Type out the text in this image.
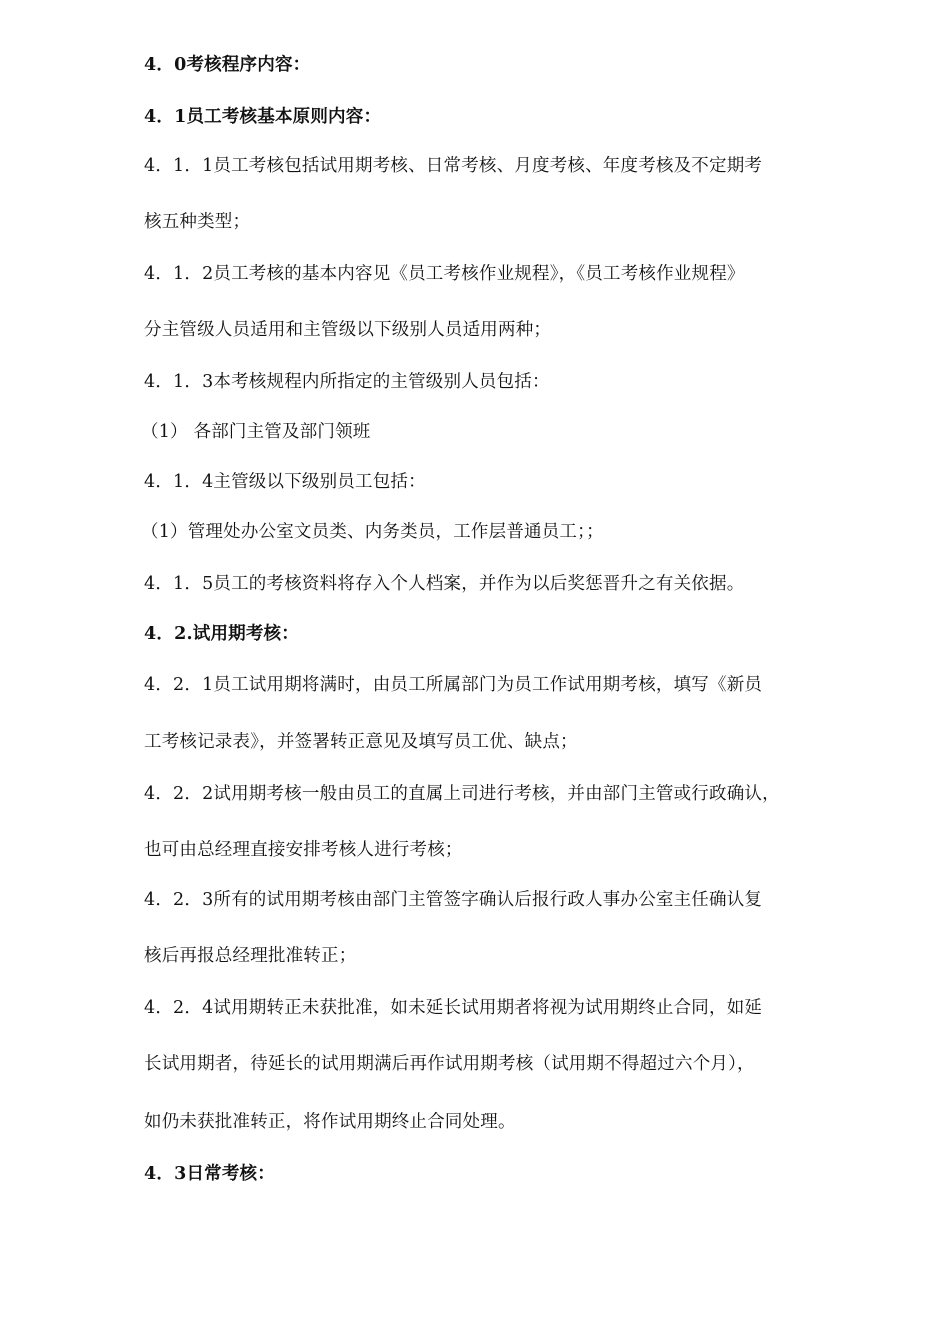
4．0考核程序内容：
4．1员工考核基本原则内容：
4．1．1员工考核包括试用期考核、日常考核、月度考核、年度考核及不定期考
核五种类型；
4．1．2员工考核的基本内容见《员工考核作业规程》，《员工考核作业规程》
分主管级人员适用和主管级以下级别人员适用两种；
4．1．3本考核规程内所指定的主管级别人员包括：
（1） 各部门主管及部门领班
4．1．4主管级以下级别员工包括：
（1）管理处办公室文员类、内务类员，工作层普通员工；；
4．1．5员工的考核资料将存入个人档案，并作为以后奖惩晋升之有关依据。
4．2.试用期考核：
4．2．1员工试用期将满时，由员工所属部门为员工作试用期考核，填写《新员
工考核记录表》，并签署转正意见及填写员工优、缺点；
4．2．2试用期考核一般由员工的直属上司进行考核，并由部门主管或行政确认，
也可由总经理直接安排考核人进行考核；
4．2．3所有的试用期考核由部门主管签字确认后报行政人事办公室主任确认复
核后再报总经理批准转正；
4．2．4试用期转正未获批准，如未延长试用期者将视为试用期终止合同，如延
长试用期者，待延长的试用期满后再作试用期考核（试用期不得超过六个月），
如仍未获批准转正，将作试用期终止合同处理。
4．3日常考核：
